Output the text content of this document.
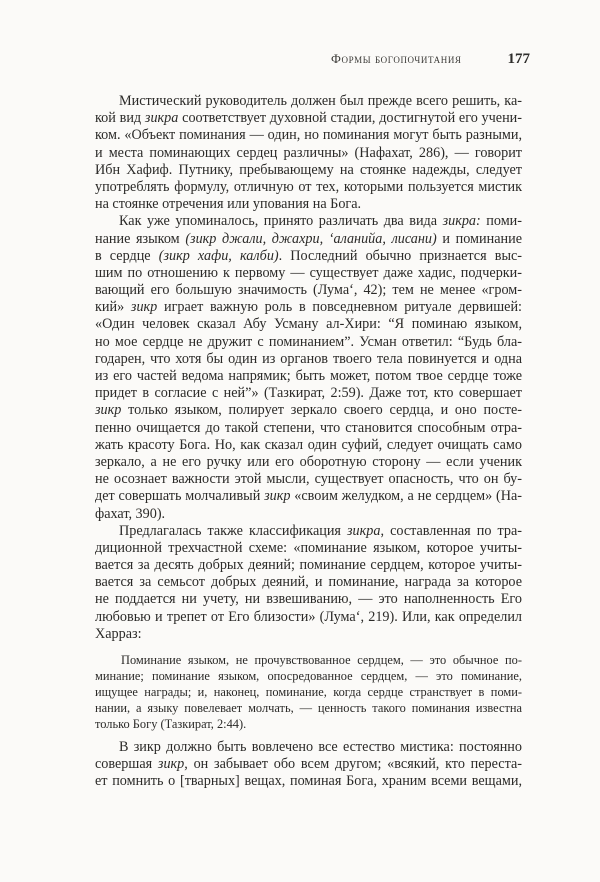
Формы богопочитания	177
Мистический руководитель должен был прежде всего решить, ка-
кой вид зикра соответствует духовной стадии, достигнутой его учени-
ком. «Объект поминания — один, но поминания могут быть разными,
и места поминающих сердец различны» (Нафахат, 286), — говорит
Ибн Хафиф. Путнику, пребывающему на стоянке надежды, следует
употреблять формулу, отличную от тех, которыми пользуется мистик
на стоянке отречения или упования на Бога.
Как уже упоминалось, принято различать два вида зикра: поми-
нание языком (зикр джали, джахри, ‘аланийа, лисани) и поминание
в сердце (зикр хафи, калби). Последний обычно признается выс-
шим по отношению к первому — существует даже хадис, подчерки-
вающий его большую значимость (Лума‘, 42); тем не менее «гром-
кий» зикр играет важную роль в повседневном ритуале дервишей:
«Один человек сказал Абу Усману ал-Хири: “Я поминаю языком,
но мое сердце не дружит с поминанием”. Усман ответил: “Будь бла-
годарен, что хотя бы один из органов твоего тела повинуется и одна
из его частей ведома напрямик; быть может, потом твое сердце тоже
придет в согласие с ней”» (Тазкират, 2:59). Даже тот, кто совершает
зикр только языком, полирует зеркало своего сердца, и оно посте-
пенно очищается до такой степени, что становится способным отра-
жать красоту Бога. Но, как сказал один суфий, следует очищать само
зеркало, а не его ручку или его оборотную сторону — если ученик
не осознает важности этой мысли, существует опасность, что он бу-
дет совершать молчаливый зикр «своим желудком, а не сердцем» (На-
фахат, 390).
Предлагалась также классификация зикра, составленная по тра-
диционной трехчастной схеме: «поминание языком, которое учиты-
вается за десять добрых деяний; поминание сердцем, которое учиты-
вается за семьсот добрых деяний, и поминание, награда за которое
не поддается ни учету, ни взвешиванию, — это наполненность Его
любовью и трепет от Его близости» (Лума‘, 219). Или, как определил
Харраз:
Поминание языком, не прочувствованное сердцем, — это обычное по-
минание; поминание языком, опосредованное сердцем, — это поминание,
ищущее награды; и, наконец, поминание, когда сердце странствует в поми-
нании, а языку повелевает молчать, — ценность такого поминания известна
только Богу (Тазкират, 2:44).
В зикр должно быть вовлечено все естество мистика: постоянно
совершая зикр, он забывает обо всем другом; «всякий, кто переста-
ет помнить о [тварных] вещах, поминая Бога, храним всеми вещами,
